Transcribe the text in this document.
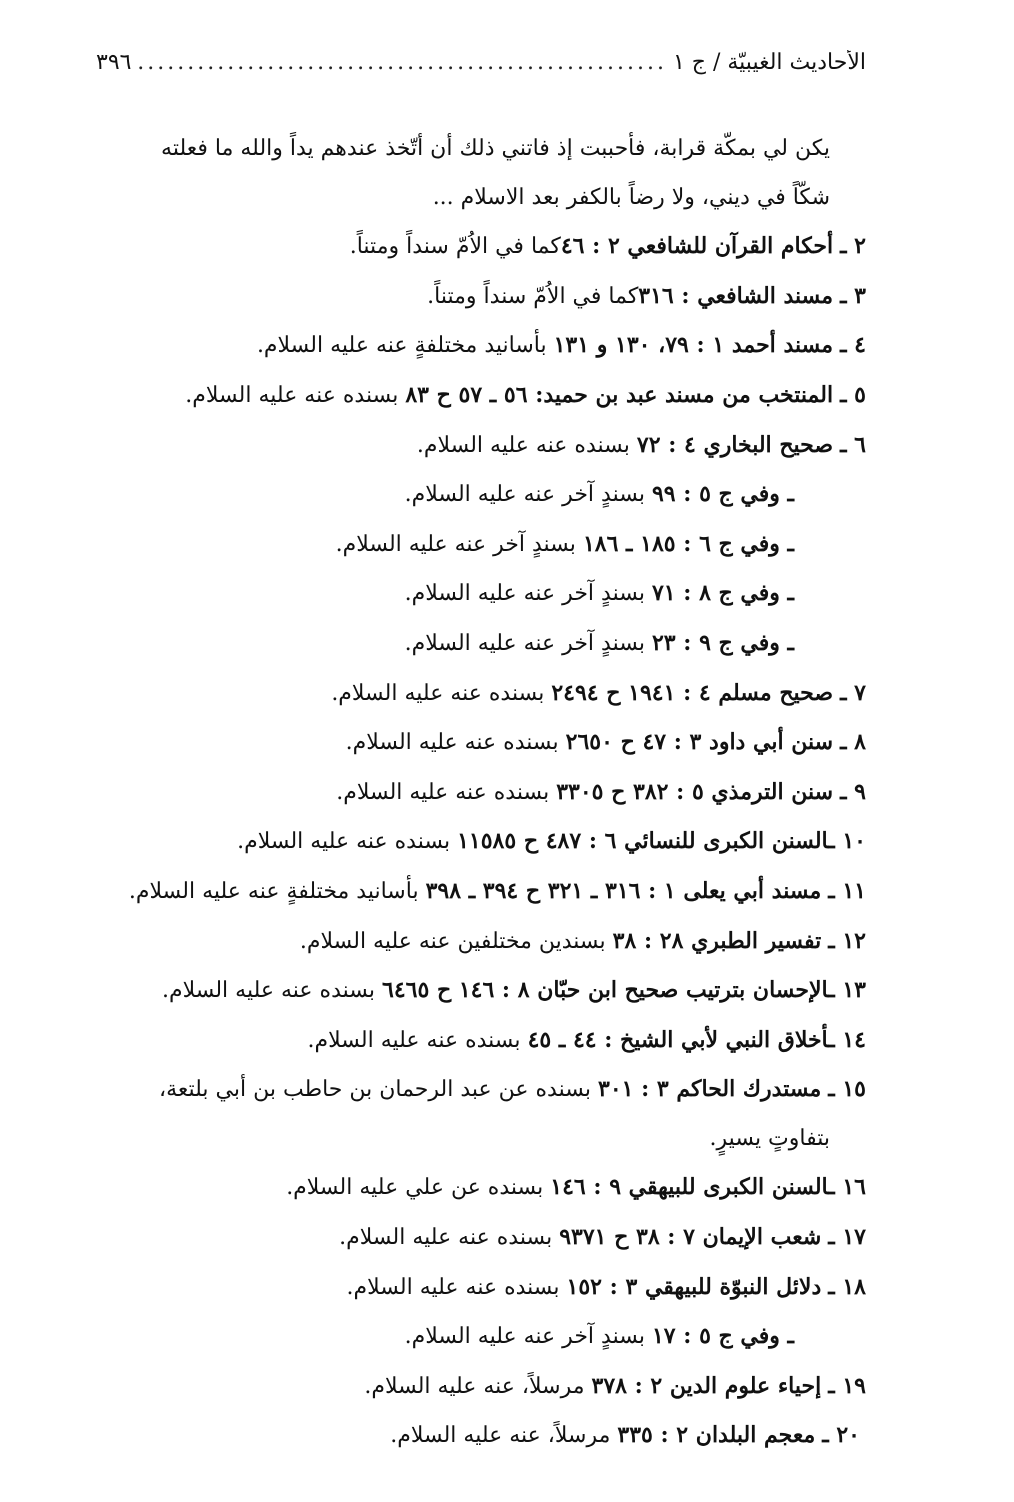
الأحاديث الغيبيّة / ج ١
.....
٣٩٦
يكن لي بمكّة قرابة، فأحببت إذ فاتني ذلك أن أتّخذ عندهم يداً والله ما فعلته
شكّاً في ديني، ولا رضاً بالكفر بعد الاسلام ...
٢ ـ أحكام القرآن للشافعي ٢ : ٤٦كما في الاُمّ سنداً ومتناً.
٣ ـ مسند الشافعي : ٣١٦كما في الاُمّ سنداً ومتناً.
٤ ـ مسند أحمد ١ : ٧٩، ١٣٠ و ١٣١ بأسانيد مختلفةٍ عنه عليه السلام.
٥ ـ المنتخب من مسند عبد بن حميد: ٥٦ ـ ٥٧ ح ٨٣ بسنده عنه عليه السلام.
٦ ـ صحيح البخاري ٤ : ٧٢ بسنده عنه عليه السلام.
ـ وفي ج ٥ : ٩٩ بسندٍ آخر عنه عليه السلام.
ـ وفي ج ٦ : ١٨٥ ـ ١٨٦ بسندٍ آخر عنه عليه السلام.
ـ وفي ج ٨ : ٧١ بسندٍ آخر عنه عليه السلام.
ـ وفي ج ٩ : ٢٣ بسندٍ آخر عنه عليه السلام.
٧ ـ صحيح مسلم ٤ : ١٩٤١ ح ٢٤٩٤ بسنده عنه عليه السلام.
٨ ـ سنن أبي داود ٣ : ٤٧ ح ٢٦٥٠ بسنده عنه عليه السلام.
٩ ـ سنن الترمذي ٥ : ٣٨٢ ح ٣٣٠٥ بسنده عنه عليه السلام.
١٠ ـالسنن الكبرى للنسائي ٦ : ٤٨٧ ح ١١٥٨٥ بسنده عنه عليه السلام.
١١ ـ مسند أبي يعلى ١ : ٣١٦ ـ ٣٢١ ح ٣٩٤ ـ ٣٩٨ بأسانيد مختلفةٍ عنه عليه السلام.
١٢ ـ تفسير الطبري ٢٨ : ٣٨ بسندين مختلفين عنه عليه السلام.
١٣ ـالإحسان بترتيب صحيح ابن حبّان ٨ : ١٤٦ ح ٦٤٦٥ بسنده عنه عليه السلام.
١٤ ـأخلاق النبي لأبي الشيخ : ٤٤ ـ ٤٥ بسنده عنه عليه السلام.
١٥ ـ مستدرك الحاكم ٣ : ٣٠١ بسنده عن عبد الرحمان بن حاطب بن أبي بلتعة،
بتفاوتٍ يسيرٍ.
١٦ ـالسنن الكبرى للبيهقي ٩ : ١٤٦ بسنده عن علي عليه السلام.
١٧ ـ شعب الإيمان ٧ : ٣٨ ح ٩٣٧١ بسنده عنه عليه السلام.
١٨ ـ دلائل النبوّة للبيهقي ٣ : ١٥٢ بسنده عنه عليه السلام.
ـ وفي ج ٥ : ١٧ بسندٍ آخر عنه عليه السلام.
١٩ ـ إحياء علوم الدين ٢ : ٣٧٨ مرسلاً، عنه عليه السلام.
٢٠ ـ معجم البلدان ٢ : ٣٣٥ مرسلاً، عنه عليه السلام.
